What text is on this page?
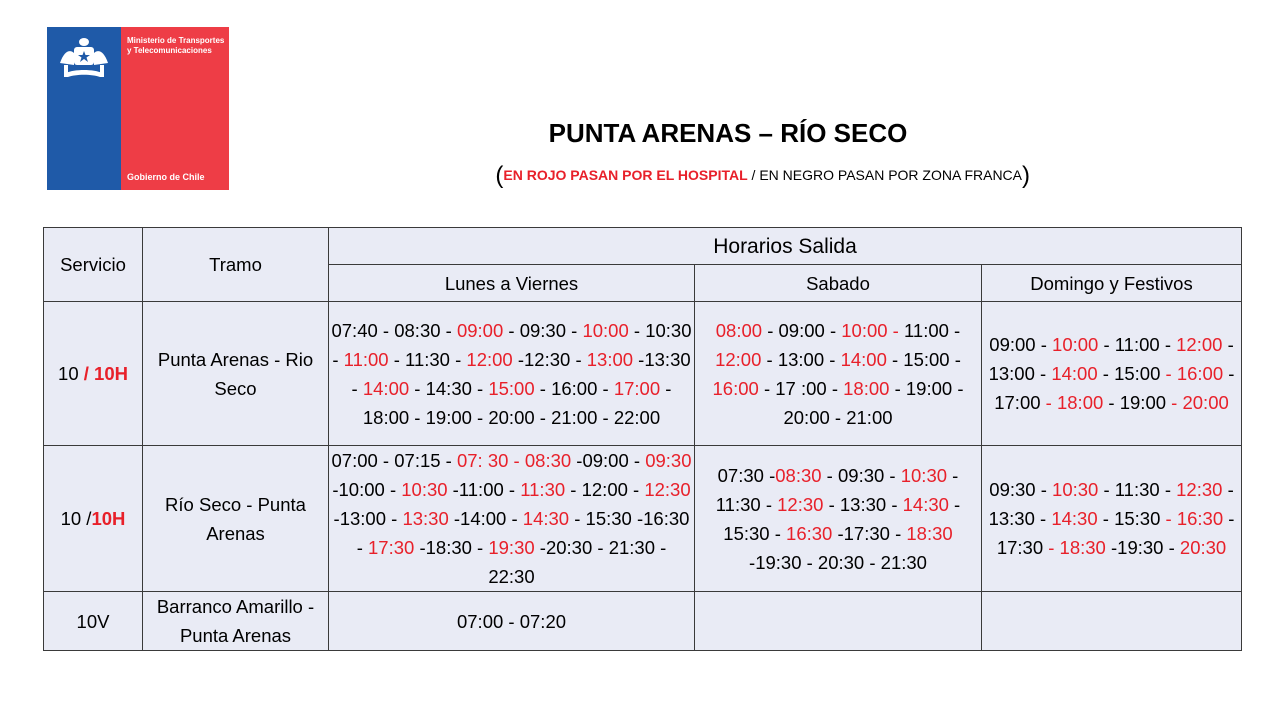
Ministerio de Transportes y Telecomunicaciones
Gobierno de Chile
PUNTA ARENAS – RÍO SECO
(EN ROJO PASAN POR EL HOSPITAL / EN NEGRO PASAN POR ZONA FRANCA)
Servicio	Tramo	Horarios Salida		
		Lunes a Viernes	Sabado	Domingo y Festivos
10 / 10H	Punta Arenas - Rio Seco	07:40 - 08:30 - 09:00 - 09:30 - 10:00 - 10:30 - 11:00 - 11:30 - 12:00 -12:30 - 13:00 -13:30 - 14:00 - 14:30 - 15:00 - 16:00 - 17:00 - 18:00 - 19:00 - 20:00 - 21:00 - 22:00	08:00 - 09:00 - 10:00 - 11:00 - 12:00 - 13:00 - 14:00 - 15:00 - 16:00 - 17 :00 - 18:00 - 19:00 - 20:00 - 21:00	09:00 - 10:00 - 11:00 - 12:00 - 13:00 - 14:00 - 15:00 - 16:00 - 17:00 - 18:00 - 19:00 - 20:00
10 /10H	Río Seco - Punta Arenas	07:00 - 07:15 - 07: 30 - 08:30 -09:00 - 09:30 -10:00 - 10:30 -11:00 - 11:30 - 12:00 - 12:30 -13:00 - 13:30 -14:00 - 14:30 - 15:30 -16:30 - 17:30 -18:30 - 19:30 -20:30 - 21:30 - 22:30	07:30 -08:30 - 09:30 - 10:30 - 11:30 - 12:30 - 13:30 - 14:30 - 15:30 - 16:30 -17:30 - 18:30 -19:30 - 20:30 - 21:30	09:30 - 10:30 - 11:30 - 12:30 - 13:30 - 14:30 - 15:30 - 16:30 - 17:30 - 18:30 -19:30 - 20:30
10V	Barranco Amarillo - Punta Arenas	07:00 - 07:20		
